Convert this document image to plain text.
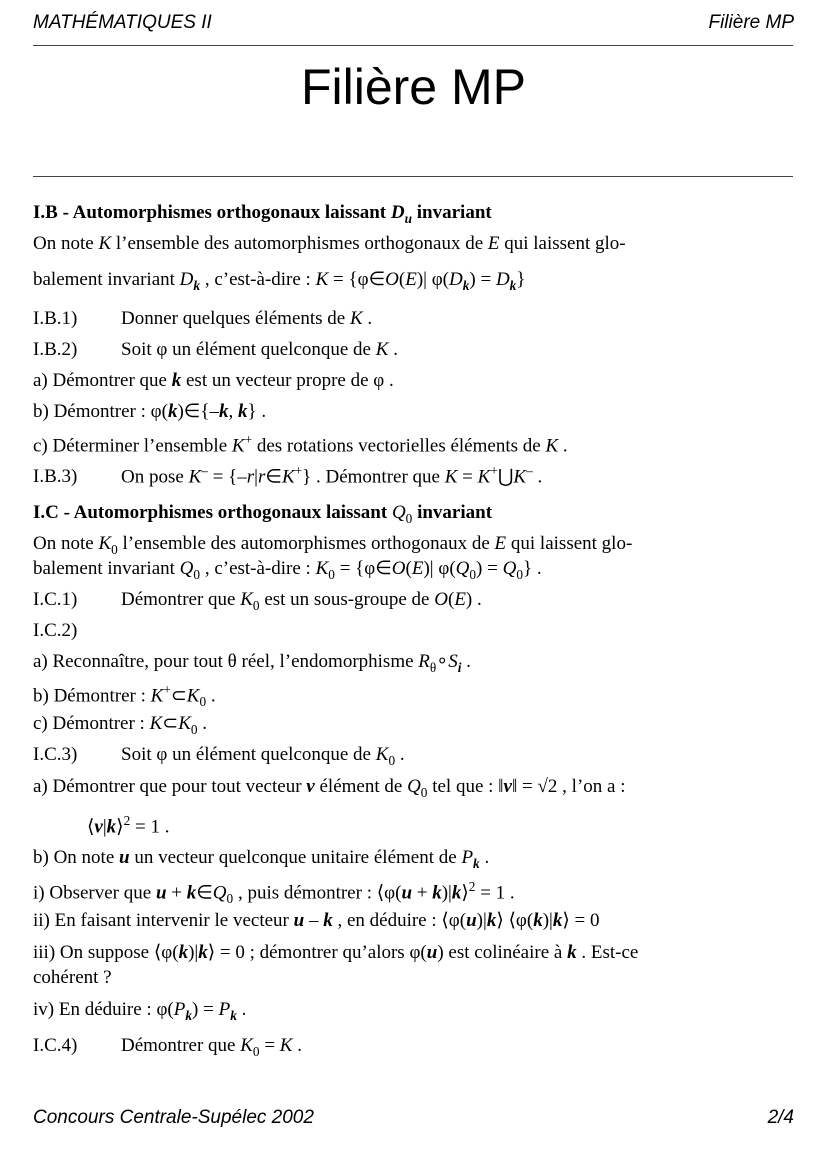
MATHÉMATIQUES II	Filière MP
Filière MP
I.B - Automorphismes orthogonaux laissant $D_u$ invariant
On note K l’ensemble des automorphismes orthogonaux de E qui laissent glo-
balement invariant $D_k$ , c’est-à-dire : K = {φ∈O(E)| $\varphi(D_k) = D_k$}
I.B.1) Donner quelques éléments de K .
I.B.2) Soit φ un élément quelconque de K .
a) Démontrer que k est un vecteur propre de φ .
b) Démontrer : φ(k)∈{–k, k} .
c) Déterminer l’ensemble K+ des rotations vectorielles éléments de K .
I.B.3) On pose K– = {–r|r∈K+} . Démontrer que K = K+⋃K– .
I.C - Automorphismes orthogonaux laissant $Q_0$ invariant
On note $K_0$ l’ensemble des automorphismes orthogonaux de E qui laissent glo-
balement invariant $Q_0$ , c’est-à-dire : $K_0$ = {φ∈O(E)| $\varphi(Q_0) = Q_0$} .
I.C.1) Démontrer que $K_0$ est un sous-groupe de O(E) .
I.C.2)
a) Reconnaître, pour tout θ réel, l’endomorphisme $R_\theta\circ S_i$ .
b) Démontrer : $K^+\subset K_0$ .
c) Démontrer : $K\subset K_0$ .
I.C.3) Soit φ un élément quelconque de $K_0$ .
a) Démontrer que pour tout vecteur v élément de $Q_0$ tel que : ‖v‖ = √2 , l’on a :
⟨v|k⟩$^2$ = 1 .
b) On note u un vecteur quelconque unitaire élément de $P_k$ .
i) Observer que $u + k\in Q_0$ , puis démontrer : ⟨φ(u + k)|k⟩$^2$ = 1 .
ii) En faisant intervenir le vecteur u – k , en déduire : ⟨φ(u)|k⟩ ⟨φ(k)|k⟩ = 0
iii) On suppose ⟨φ(k)|k⟩ = 0 ; démontrer qu’alors φ(u) est colinéaire à k . Est-ce
cohérent ?
iv) En déduire : $\varphi(P_k) = P_k$ .
I.C.4) Démontrer que $K_0 = K$ .
Concours Centrale-Supélec 2002	2/4
